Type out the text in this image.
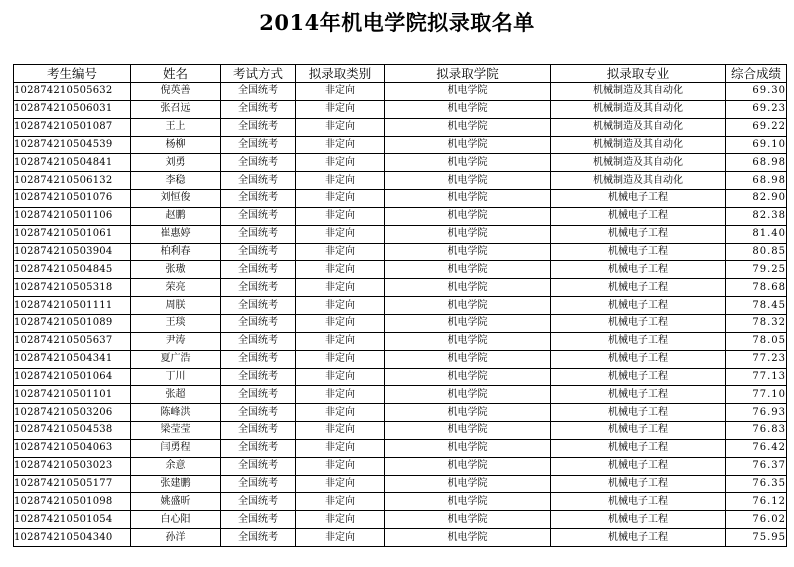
2014年机电学院拟录取名单
考生编号	姓名	考试方式	拟录取类别	拟录取学院	拟录取专业	综合成绩
102874210505632	倪英善	全国统考	非定向	机电学院	机械制造及其自动化	69.30
102874210506031	张召远	全国统考	非定向	机电学院	机械制造及其自动化	69.23
102874210501087	王上	全国统考	非定向	机电学院	机械制造及其自动化	69.22
102874210504539	杨柳	全国统考	非定向	机电学院	机械制造及其自动化	69.10
102874210504841	刘勇	全国统考	非定向	机电学院	机械制造及其自动化	68.98
102874210506132	李稳	全国统考	非定向	机电学院	机械制造及其自动化	68.98
102874210501076	刘恒俊	全国统考	非定向	机电学院	机械电子工程	82.90
102874210501106	赵鹏	全国统考	非定向	机电学院	机械电子工程	82.38
102874210501061	崔惠婷	全国统考	非定向	机电学院	机械电子工程	81.40
102874210503904	柏利春	全国统考	非定向	机电学院	机械电子工程	80.85
102874210504845	张璈	全国统考	非定向	机电学院	机械电子工程	79.25
102874210505318	荣亮	全国统考	非定向	机电学院	机械电子工程	78.68
102874210501111	周朕	全国统考	非定向	机电学院	机械电子工程	78.45
102874210501089	王琰	全国统考	非定向	机电学院	机械电子工程	78.32
102874210505637	尹涛	全国统考	非定向	机电学院	机械电子工程	78.05
102874210504341	夏广浩	全国统考	非定向	机电学院	机械电子工程	77.23
102874210501064	丁川	全国统考	非定向	机电学院	机械电子工程	77.13
102874210501101	张超	全国统考	非定向	机电学院	机械电子工程	77.10
102874210503206	陈峰洪	全国统考	非定向	机电学院	机械电子工程	76.93
102874210504538	梁莹莹	全国统考	非定向	机电学院	机械电子工程	76.83
102874210504063	闫勇程	全国统考	非定向	机电学院	机械电子工程	76.42
102874210503023	余意	全国统考	非定向	机电学院	机械电子工程	76.37
102874210505177	张建鹏	全国统考	非定向	机电学院	机械电子工程	76.35
102874210501098	姚盛昕	全国统考	非定向	机电学院	机械电子工程	76.12
102874210501054	白心阳	全国统考	非定向	机电学院	机械电子工程	76.02
102874210504340	孙洋	全国统考	非定向	机电学院	机械电子工程	75.95
